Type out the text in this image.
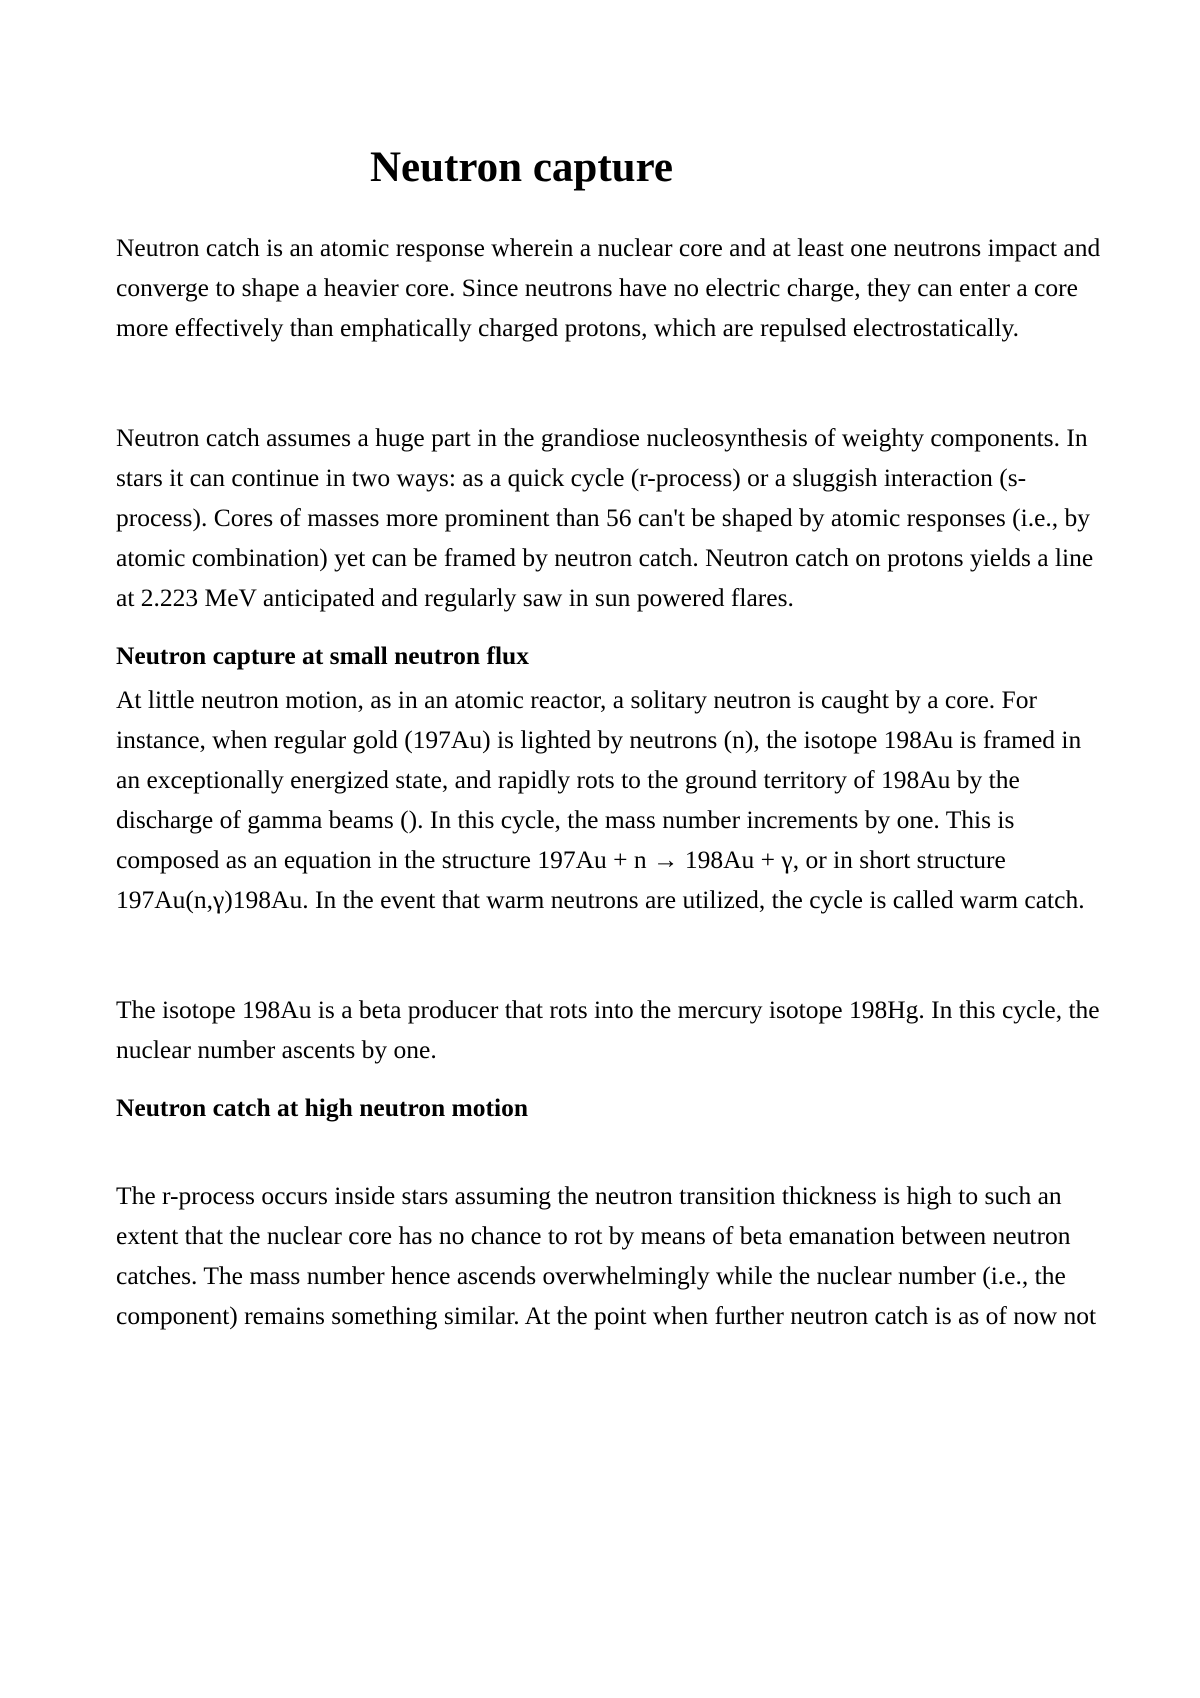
Neutron capture

Neutron catch is an atomic response wherein a nuclear core and at least one neutrons impact and converge to shape a heavier core. Since neutrons have no electric charge, they can enter a core more effectively than emphatically charged protons, which are repulsed electrostatically.

Neutron catch assumes a huge part in the grandiose nucleosynthesis of weighty components. In stars it can continue in two ways: as a quick cycle (r-process) or a sluggish interaction (s-process). Cores of masses more prominent than 56 can't be shaped by atomic responses (i.e., by atomic combination) yet can be framed by neutron catch. Neutron catch on protons yields a line at 2.223 MeV anticipated and regularly saw in sun powered flares.

Neutron capture at small neutron flux

At little neutron motion, as in an atomic reactor, a solitary neutron is caught by a core. For instance, when regular gold (197Au) is lighted by neutrons (n), the isotope 198Au is framed in an exceptionally energized state, and rapidly rots to the ground territory of 198Au by the discharge of gamma beams (). In this cycle, the mass number increments by one. This is composed as an equation in the structure 197Au + n → 198Au + γ, or in short structure 197Au(n,γ)198Au. In the event that warm neutrons are utilized, the cycle is called warm catch.

The isotope 198Au is a beta producer that rots into the mercury isotope 198Hg. In this cycle, the nuclear number ascents by one.

Neutron catch at high neutron motion

The r-process occurs inside stars assuming the neutron transition thickness is high to such an extent that the nuclear core has no chance to rot by means of beta emanation between neutron catches. The mass number hence ascends overwhelmingly while the nuclear number (i.e., the component) remains something similar. At the point when further neutron catch is as of now not
